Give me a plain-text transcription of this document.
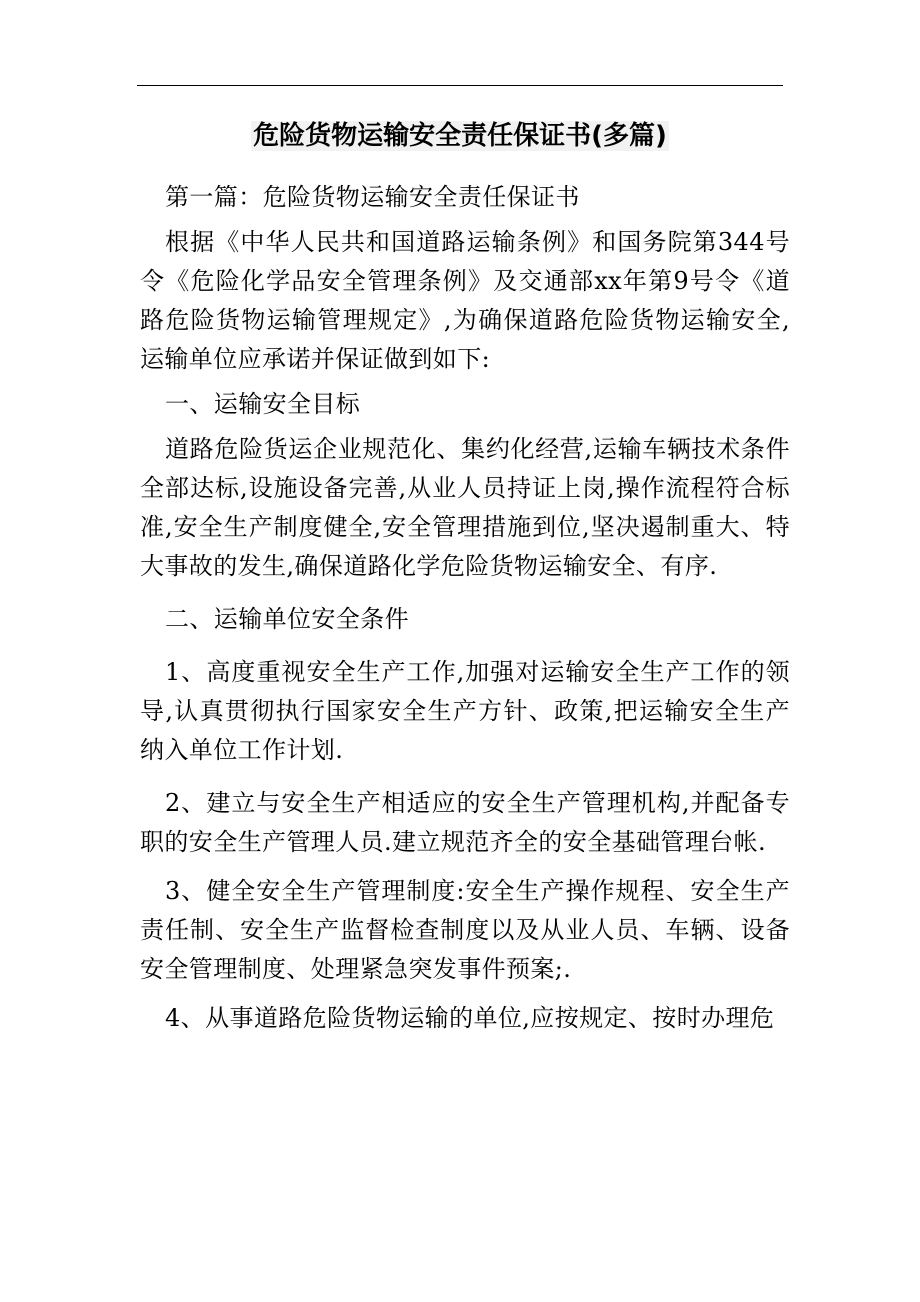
危险货物运输安全责任保证书(多篇)

第一篇：危险货物运输安全责任保证书

根据《中华人民共和国道路运输条例》和国务院第344号令《危险化学品安全管理条例》及交通部xx年第9号令《道路危险货物运输管理规定》,为确保道路危险货物运输安全,运输单位应承诺并保证做到如下:

一、运输安全目标

道路危险货运企业规范化、集约化经营,运输车辆技术条件全部达标,设施设备完善,从业人员持证上岗,操作流程符合标准,安全生产制度健全,安全管理措施到位,坚决遏制重大、特大事故的发生,确保道路化学危险货物运输安全、有序.

二、运输单位安全条件

1、高度重视安全生产工作,加强对运输安全生产工作的领导,认真贯彻执行国家安全生产方针、政策,把运输安全生产纳入单位工作计划.

2、建立与安全生产相适应的安全生产管理机构,并配备专职的安全生产管理人员.建立规范齐全的安全基础管理台帐.

3、健全安全生产管理制度:安全生产操作规程、安全生产责任制、安全生产监督检查制度以及从业人员、车辆、设备安全管理制度、处理紧急突发事件预案;.

4、从事道路危险货物运输的单位,应按规定、按时办理危
